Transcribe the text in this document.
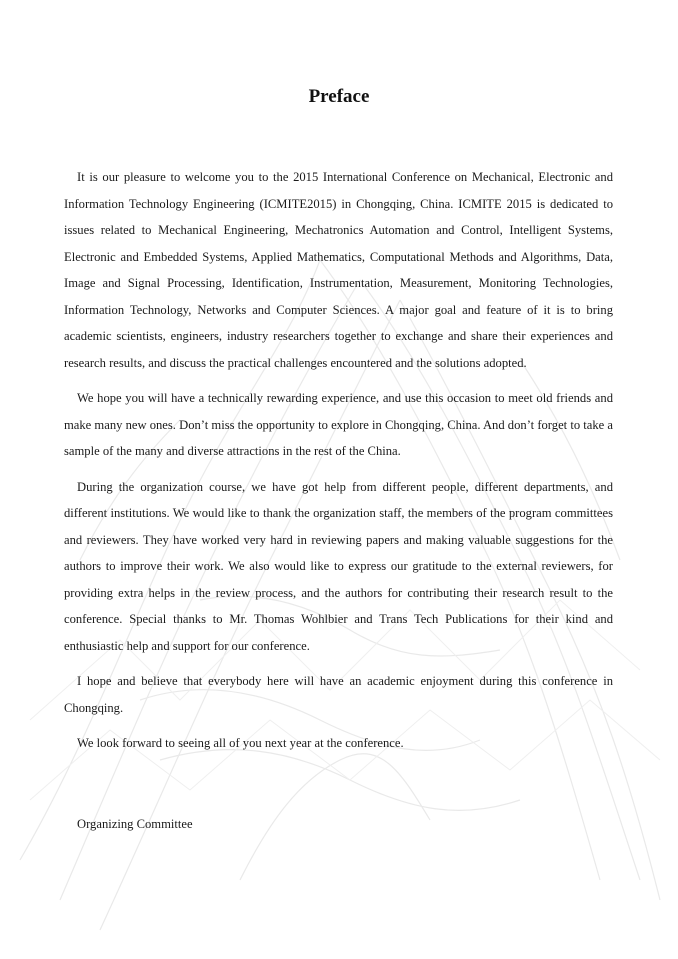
Preface

It is our pleasure to welcome you to the 2015 International Conference on Mechanical, Electronic and Information Technology Engineering (ICMITE2015) in Chongqing, China. ICMITE 2015 is dedicated to issues related to Mechanical Engineering, Mechatronics Automation and Control, Intelligent Systems, Electronic and Embedded Systems, Applied Mathematics, Computational Methods and Algorithms, Data, Image and Signal Processing, Identification, Instrumentation, Measurement, Monitoring Technologies, Information Technology, Networks and Computer Sciences. A major goal and feature of it is to bring academic scientists, engineers, industry researchers together to exchange and share their experiences and research results, and discuss the practical challenges encountered and the solutions adopted.

We hope you will have a technically rewarding experience, and use this occasion to meet old friends and make many new ones. Don’t miss the opportunity to explore in Chongqing, China. And don’t forget to take a sample of the many and diverse attractions in the rest of the China.

During the organization course, we have got help from different people, different departments, and different institutions. We would like to thank the organization staff, the members of the program committees and reviewers. They have worked very hard in reviewing papers and making valuable suggestions for the authors to improve their work. We also would like to express our gratitude to the external reviewers, for providing extra helps in the review process, and the authors for contributing their research result to the conference. Special thanks to Mr. Thomas Wohlbier and Trans Tech Publications for their kind and enthusiastic help and support for our conference.

I hope and believe that everybody here will have an academic enjoyment during this conference in Chongqing.

We look forward to seeing all of you next year at the conference.

Organizing Committee
